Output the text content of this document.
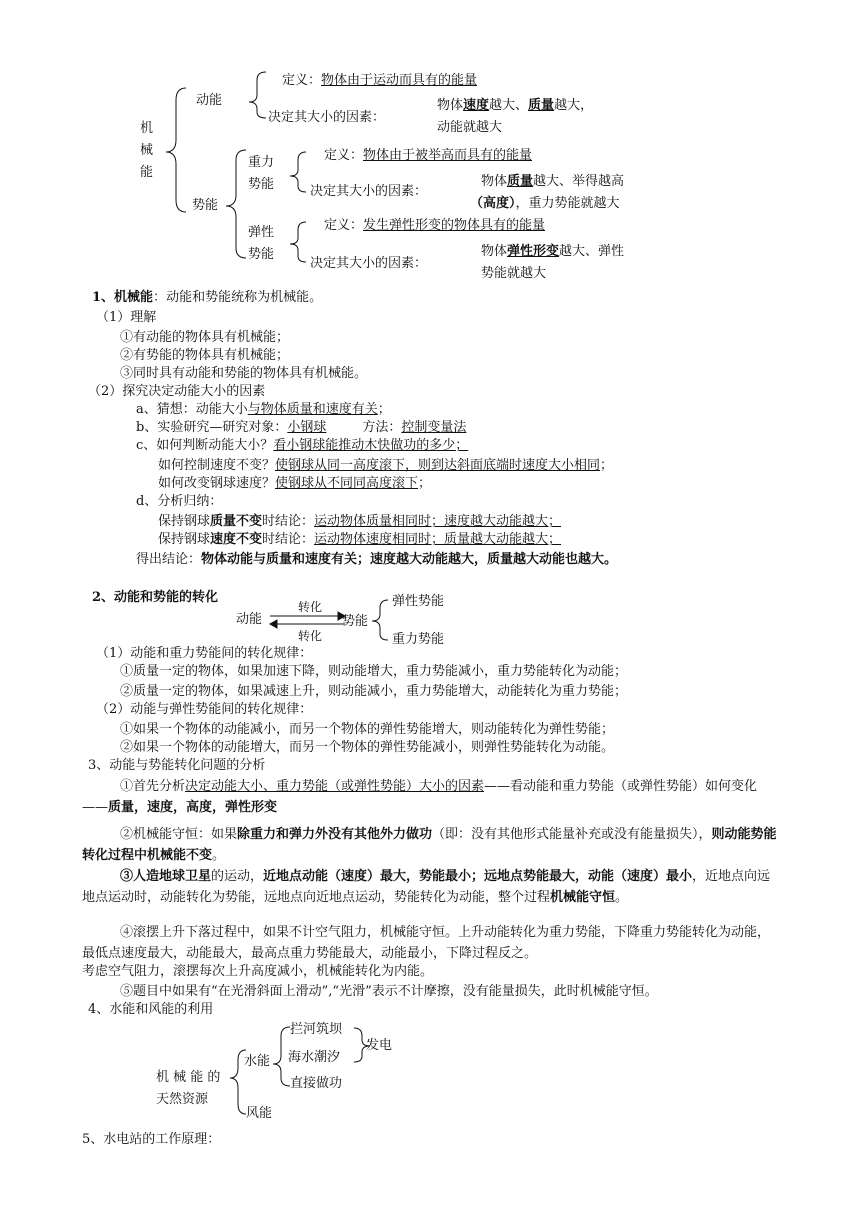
机
械
能
动能
定义：物体由于运动而具有的能量
决定其大小的因素：
物体速度越大、质量越大，
动能就越大
势能
重力
势能
定义：物体由于被举高而具有的能量
决定其大小的因素：
物体质量越大、举得越高
（高度），重力势能就越大
弹性
势能
定义：发生弹性形变的物体具有的能量
决定其大小的因素：
物体弹性形变越大、弹性
势能就越大
1、机械能：动能和势能统称为机械能。
（1）理解
①有动能的物体具有机械能；
②有势能的物体具有机械能；
③同时具有动能和势能的物体具有机械能。
（2）探究决定动能大小的因素
a、猜想：动能大小与物体质量和速度有关；
b、实验研究—研究对象：小钢球	方法：控制变量法
c、如何判断动能大小？看小钢球能推动木快做功的多少；
如何控制速度不变？使钢球从同一高度滚下，则到达斜面底端时速度大小相同；
如何改变钢球速度？使钢球从不同同高度滚下；
d、分析归纳：
保持钢球质量不变时结论：运动物体质量相同时；速度越大动能越大；
保持钢球速度不变时结论：运动物体速度相同时；质量越大动能越大；
得出结论：物体动能与质量和速度有关；速度越大动能越大，质量越大动能也越大。
2、动能和势能的转化
动能
转化
转化
势能
弹性势能
重力势能
（1）动能和重力势能间的转化规律：
①质量一定的物体，如果加速下降，则动能增大，重力势能减小，重力势能转化为动能；
②质量一定的物体，如果减速上升，则动能减小，重力势能增大，动能转化为重力势能；
（2）动能与弹性势能间的转化规律：
①如果一个物体的动能减小，而另一个物体的弹性势能增大，则动能转化为弹性势能；
②如果一个物体的动能增大，而另一个物体的弹性势能减小，则弹性势能转化为动能。
3、动能与势能转化问题的分析
①首先分析决定动能大小、重力势能（或弹性势能）大小的因素——看动能和重力势能（或弹性势能）如何变化——质量，速度，高度，弹性形变
②机械能守恒：如果除重力和弹力外没有其他外力做功（即：没有其他形式能量补充或没有能量损失），则动能势能转化过程中机械能不变。
③人造地球卫星的运动，近地点动能（速度）最大，势能最小；远地点势能最大，动能（速度）最小，近地点向远地点运动时，动能转化为势能，远地点向近地点运动，势能转化为动能，整个过程机械能守恒。
④滚摆上升下落过程中，如果不计空气阻力，机械能守恒。上升动能转化为重力势能，下降重力势能转化为动能，最低点速度最大，动能最大，最高点重力势能最大，动能最小，下降过程反之。
考虑空气阻力，滚摆每次上升高度减小，机械能转化为内能。
⑤题目中如果有“在光滑斜面上滑动”,“光滑”表示不计摩擦，没有能量损失，此时机械能守恒。
4、水能和风能的利用
机 械 能 的
天然资源
水能
风能
拦河筑坝
海水潮汐
发电
直接做功
5、水电站的工作原理：
